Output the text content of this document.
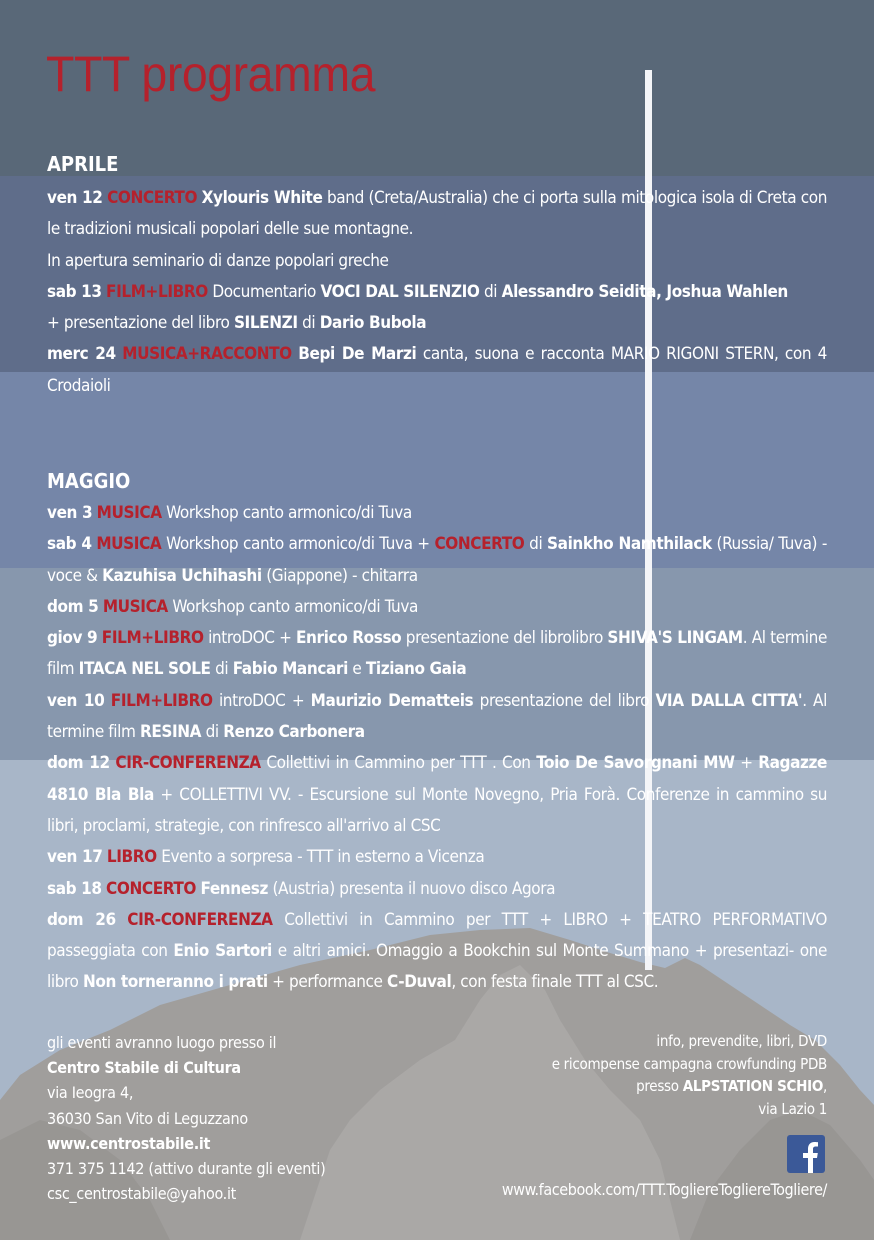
TTT programma
APRILE

ven 12 CONCERTO Xylouris White band (Creta/Australia) che ci porta sulla mitologica isola di Creta con le tradizioni musicali popolari delle sue montagne.
In apertura seminario di danze popolari greche

sab 13 FILM+LIBRO Documentario VOCI DAL SILENZIO di Alessandro Seidita, Joshua Wahlen
+ presentazione del libro SILENZI di Dario Bubola

merc 24 MUSICA+RACCONTO Bepi De Marzi canta, suona e racconta MARIO RIGONI STERN, con 4 Crodaioli

MAGGIO

ven 3 MUSICA Workshop canto armonico/di Tuva

sab 4 MUSICA Workshop canto armonico/di Tuva + CONCERTO di Sainkho Namthilack (Russia/ Tuva) - voce & Kazuhisa Uchihashi (Giappone) - chitarra

dom 5 MUSICA Workshop canto armonico/di Tuva

giov 9 FILM+LIBRO introDOC + Enrico Rosso presentazione del librolibro SHIVA'S LINGAM. Al termine film ITACA NEL SOLE di Fabio Mancari e Tiziano Gaia

ven 10 FILM+LIBRO introDOC + Maurizio Dematteis presentazione del libro VIA DALLA CITTA'. Al termine film RESINA di Renzo Carbonera

dom 12 CIR-CONFERENZA Collettivi in Cammino per TTT . Con Toio De Savorgnani MW + Ragazze 4810 Bla Bla + COLLETTIVI VV. - Escursione sul Monte Novegno, Pria Forà. Conferenze in cammino su libri, proclami, strategie, con rinfresco all'arrivo al CSC

ven 17 LIBRO Evento a sorpresa - TTT in esterno a Vicenza

sab 18 CONCERTO Fennesz (Austria) presenta il nuovo disco Agora

dom 26 CIR-CONFERENZA Collettivi in Cammino per TTT + LIBRO + TEATRO PERFORMATIVO passeggiata con Enio Sartori e altri amici. Omaggio a Bookchin sul Monte Summano + presentazi- one libro Non torneranno i prati + performance C-Duval, con festa finale TTT al CSC.

gli eventi avranno luogo presso il
Centro Stabile di Cultura
via Ieogra 4,
36030 San Vito di Leguzzano
www.centrostabile.it
371 375 1142 (attivo durante gli eventi)
csc_centrostabile@yahoo.it
info, prevendite, libri, DVD
e ricompense campagna crowfunding PDB
presso ALPSTATION SCHIO,
via Lazio 1
www.facebook.com/TTT.TogliereTogliereTogliere/
